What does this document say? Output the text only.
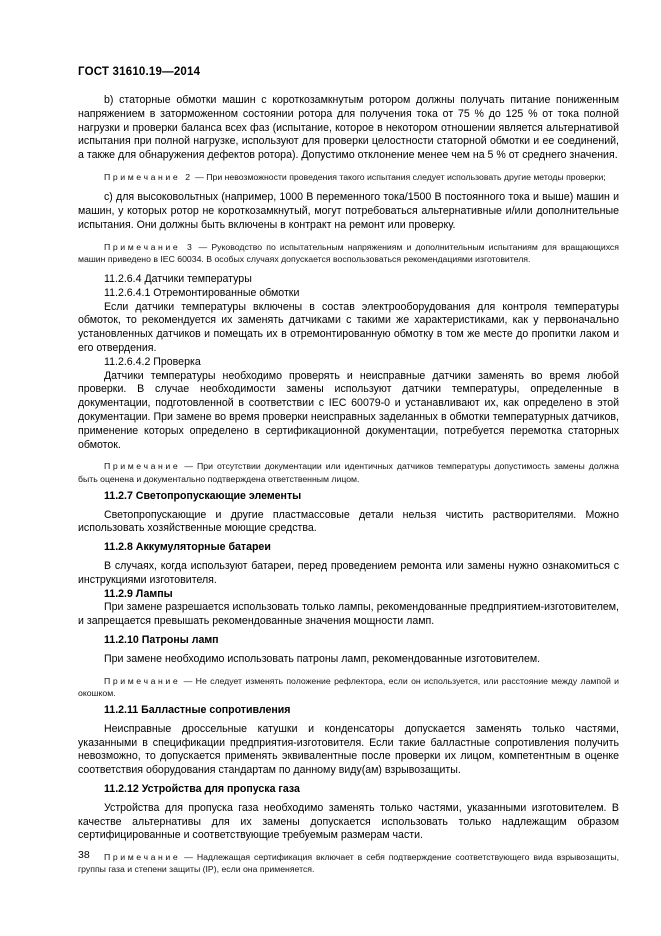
ГОСТ 31610.19—2014

b) статорные обмотки машин с короткозамкнутым ротором должны получать питание пониженным напряжением в заторможенном состоянии ротора для получения тока от 75 % до 125 % от тока полной нагрузки и проверки баланса всех фаз (испытание, которое в некотором отношении является альтернативой испытания при полной нагрузке, используют для проверки целостности статорной обмотки и ее соединений, а также для обнаружения дефектов ротора). Допустимо отклонение менее чем на 5 % от среднего значения.

Примечание 2 — При невозможности проведения такого испытания следует использовать другие методы проверки;

c) для высоковольтных (например, 1000 В переменного тока/1500 В постоянного тока и выше) машин и машин, у которых ротор не короткозамкнутый, могут потребоваться альтернативные и/или дополнительные испытания. Они должны быть включены в контракт на ремонт или проверку.

Примечание 3 — Руководство по испытательным напряжениям и дополнительным испытаниям для вращающихся машин приведено в IEC 60034. В особых случаях допускается воспользоваться рекомендациями изготовителя.

11.2.6.4 Датчики температуры

11.2.6.4.1 Отремонтированные обмотки

Если датчики температуры включены в состав электрооборудования для контроля температуры обмоток, то рекомендуется их заменять датчиками с такими же характеристиками, как у первоначально установленных датчиков и помещать их в отремонтированную обмотку в том же месте до пропитки лаком и его отвердения.

11.2.6.4.2 Проверка

Датчики температуры необходимо проверять и неисправные датчики заменять во время любой проверки. В случае необходимости замены используют датчики температуры, определенные в документации, подготовленной в соответствии с IEC 60079-0 и устанавливают их, как определено в этой документации. При замене во время проверки неисправных заделанных в обмотки температурных датчиков, применение которых определено в сертификационной документации, потребуется перемотка статорных обмоток.

Примечание — При отсутствии документации или идентичных датчиков температуры допустимость замены должна быть оценена и документально подтверждена ответственным лицом.

11.2.7 Светопропускающие элементы

Светопропускающие и другие пластмассовые детали нельзя чистить растворителями. Можно использовать хозяйственные моющие средства.

11.2.8 Аккумуляторные батареи

В случаях, когда используют батареи, перед проведением ремонта или замены нужно ознакомиться с инструкциями изготовителя.

11.2.9 Лампы

При замене разрешается использовать только лампы, рекомендованные предприятием-изготовителем, и запрещается превышать рекомендованные значения мощности ламп.

11.2.10 Патроны ламп

При замене необходимо использовать патроны ламп, рекомендованные изготовителем.

Примечание — Не следует изменять положение рефлектора, если он используется, или расстояние между лампой и окошком.

11.2.11 Балластные сопротивления

Неисправные дроссельные катушки и конденсаторы допускается заменять только частями, указанными в спецификации предприятия-изготовителя. Если такие балластные сопротивления получить невозможно, то допускается применять эквивалентные после проверки их лицом, компетентным в оценке соответствия оборудования стандартам по данному виду(ам) взрывозащиты.

11.2.12 Устройства для пропуска газа

Устройства для пропуска газа необходимо заменять только частями, указанными изготовителем. В качестве альтернативы для их замены допускается использовать только надлежащим образом сертифицированные и соответствующие требуемым размерам части.

Примечание — Надлежащая сертификация включает в себя подтверждение соответствующего вида взрывозащиты, группы газа и степени защиты (IP), если она применяется.

38
